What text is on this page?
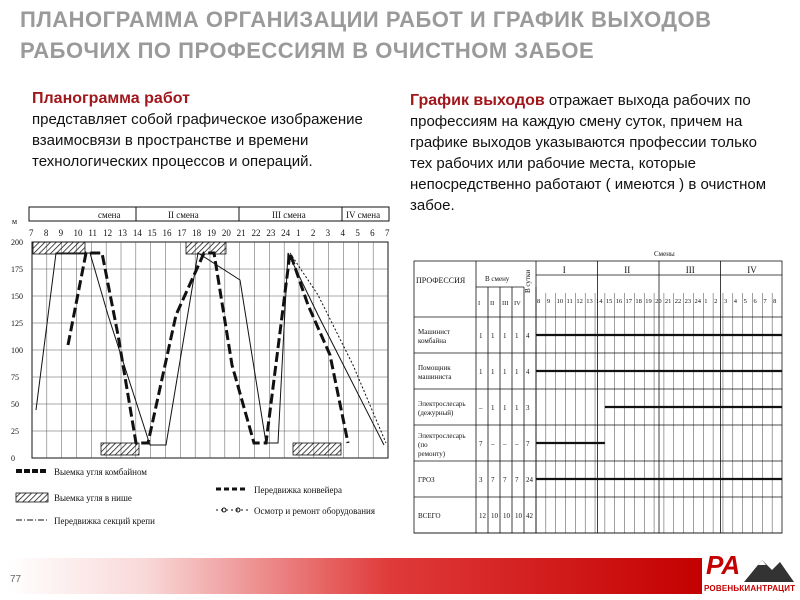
ПЛАНОГРАММА ОРГАНИЗАЦИИ РАБОТ И ГРАФИК ВЫХОДОВ РАБОЧИХ ПО ПРОФЕССИЯМ В ОЧИСТНОМ ЗАБОЕ
смена	II смена	III смена	IV смена
м
7 8 9 10 11 12 13 14 15 16 17 18 19 20 21 22 23 24 1 2 3 4 5 6 7
200
175
150
125
100
75
50
25
0
Выемка угля комбайном
Выемка угля в нише
Передвижка секций крепи
Передвижка конвейера
Осмотр и ремонт оборудования
ПРОФЕССИЯ	В смену В сутки
Смены
I	II	III	IV
8 9 10 11 12 13 14 15 16 17 18 19 20 21 22 23 24 1 2 3 4 5 6 7 8
I II III IV
Машинист
комбайна
1 1 1 1 4
Помощник
машиниста
1 1 1 1 4
Электрослесарь
(дежурный)
– 1 1 1 3
Электрослесарь
(по
ремонту)
7 – – – 7
ГРОЗ	3 7 7 7 24
ВСЕГО	12 10 10 10 42

Планограмма работ
представляет собой графическое изображение взаимосвязи в пространстве и времени технологических процессов и операций.

График выходов отражает выхода рабочих по профессиям на каждую смену суток, причем на графике выходов указываются профессии только тех рабочих или рабочие места, которые непосредственно работают ( имеются ) в очистном забое.

77	PA
РОВЕНЬКИАНТРАЦИТ
